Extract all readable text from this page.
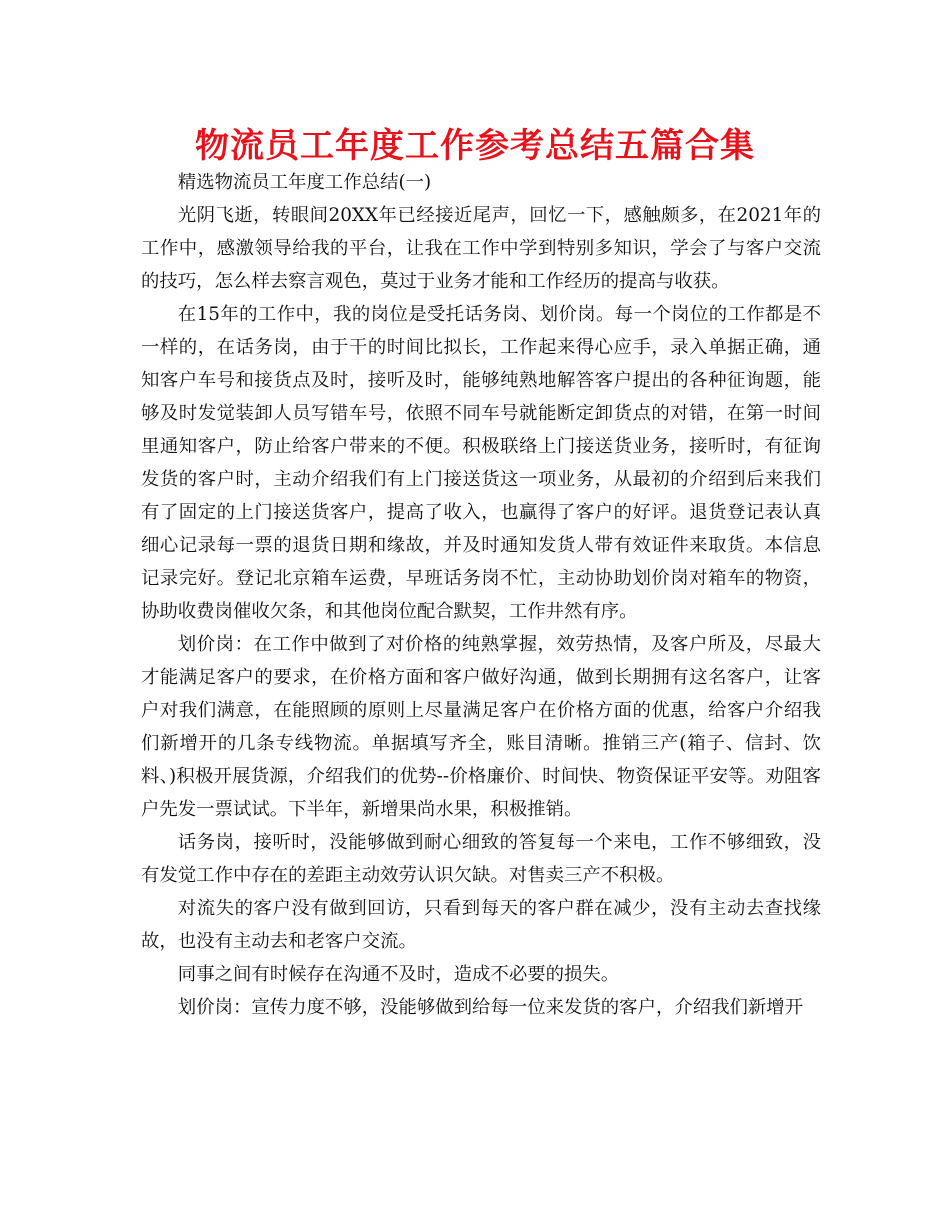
物流员工年度工作参考总结五篇合集

精选物流员工年度工作总结(一)

光阴飞逝，转眼间20XX年已经接近尾声，回忆一下，感触颇多，在2021年的工作中，感激领导给我的平台，让我在工作中学到特别多知识，学会了与客户交流的技巧，怎么样去察言观色，莫过于业务才能和工作经历的提高与收获。

在15年的工作中，我的岗位是受托话务岗、划价岗。每一个岗位的工作都是不一样的，在话务岗，由于干的时间比拟长，工作起来得心应手，录入单据正确，通知客户车号和接货点及时，接听及时，能够纯熟地解答客户提出的各种征询题，能够及时发觉装卸人员写错车号，依照不同车号就能断定卸货点的对错，在第一时间里通知客户，防止给客户带来的不便。积极联络上门接送货业务，接听时，有征询发货的客户时，主动介绍我们有上门接送货这一项业务，从最初的介绍到后来我们有了固定的上门接送货客户，提高了收入，也赢得了客户的好评。退货登记表认真细心记录每一票的退货日期和缘故，并及时通知发货人带有效证件来取货。本信息记录完好。登记北京箱车运费，早班话务岗不忙，主动协助划价岗对箱车的物资，协助收费岗催收欠条，和其他岗位配合默契，工作井然有序。

划价岗：在工作中做到了对价格的纯熟掌握，效劳热情，及客户所及，尽最大才能满足客户的要求，在价格方面和客户做好沟通，做到长期拥有这名客户，让客户对我们满意，在能照顾的原则上尽量满足客户在价格方面的优惠，给客户介绍我们新增开的几条专线物流。单据填写齐全，账目清晰。推销三产(箱子、信封、饮料、)积极开展货源，介绍我们的优势--价格廉价、时间快、物资保证平安等。劝阻客户先发一票试试。下半年，新增果尚水果，积极推销。

话务岗，接听时，没能够做到耐心细致的答复每一个来电，工作不够细致，没有发觉工作中存在的差距主动效劳认识欠缺。对售卖三产不积极。

对流失的客户没有做到回访，只看到每天的客户群在减少，没有主动去查找缘故，也没有主动去和老客户交流。

同事之间有时候存在沟通不及时，造成不必要的损失。

划价岗：宣传力度不够，没能够做到给每一位来发货的客户，介绍我们新增开
